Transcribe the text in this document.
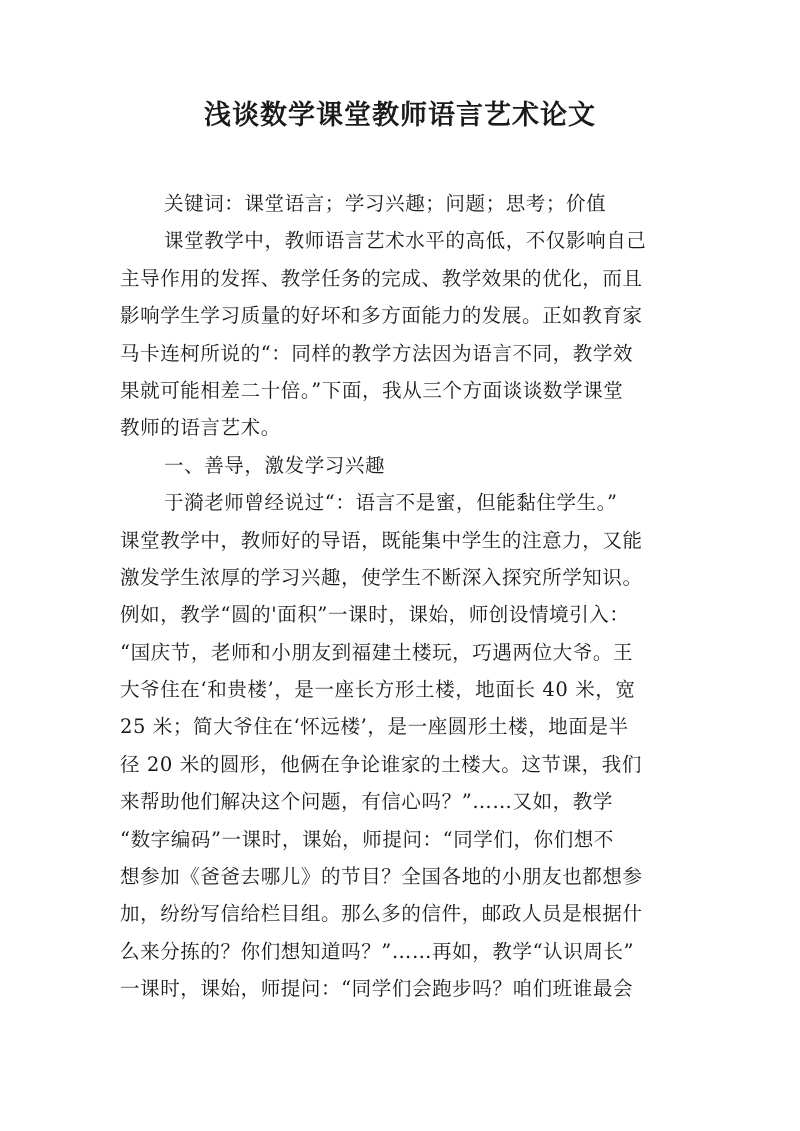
浅谈数学课堂教师语言艺术论文
关键词：课堂语言；学习兴趣；问题；思考；价值
课堂教学中，教师语言艺术水平的高低，不仅影响自己
主导作用的发挥、教学任务的完成、教学效果的优化，而且
影响学生学习质量的好坏和多方面能力的发展。正如教育家
马卡连柯所说的“：同样的教学方法因为语言不同，教学效
果就可能相差二十倍。”下面，我从三个方面谈谈数学课堂
教师的语言艺术。
一、善导，激发学习兴趣
于漪老师曾经说过“：语言不是蜜，但能黏住学生。”
课堂教学中，教师好的导语，既能集中学生的注意力，又能
激发学生浓厚的学习兴趣，使学生不断深入探究所学知识。
例如，教学“圆的'面积”一课时，课始，师创设情境引入：
“国庆节，老师和小朋友到福建土楼玩，巧遇两位大爷。王
大爷住在‘和贵楼’，是一座长方形土楼，地面长 40 米，宽
25 米；简大爷住在‘怀远楼’，是一座圆形土楼，地面是半
径 20 米的圆形，他俩在争论谁家的土楼大。这节课，我们
来帮助他们解决这个问题，有信心吗？”……又如，教学
“数字编码”一课时，课始，师提问：“同学们，你们想不
想参加《爸爸去哪儿》的节目？全国各地的小朋友也都想参
加，纷纷写信给栏目组。那么多的信件，邮政人员是根据什
么来分拣的？你们想知道吗？”……再如，教学“认识周长”
一课时，课始，师提问：“同学们会跑步吗？咱们班谁最会
